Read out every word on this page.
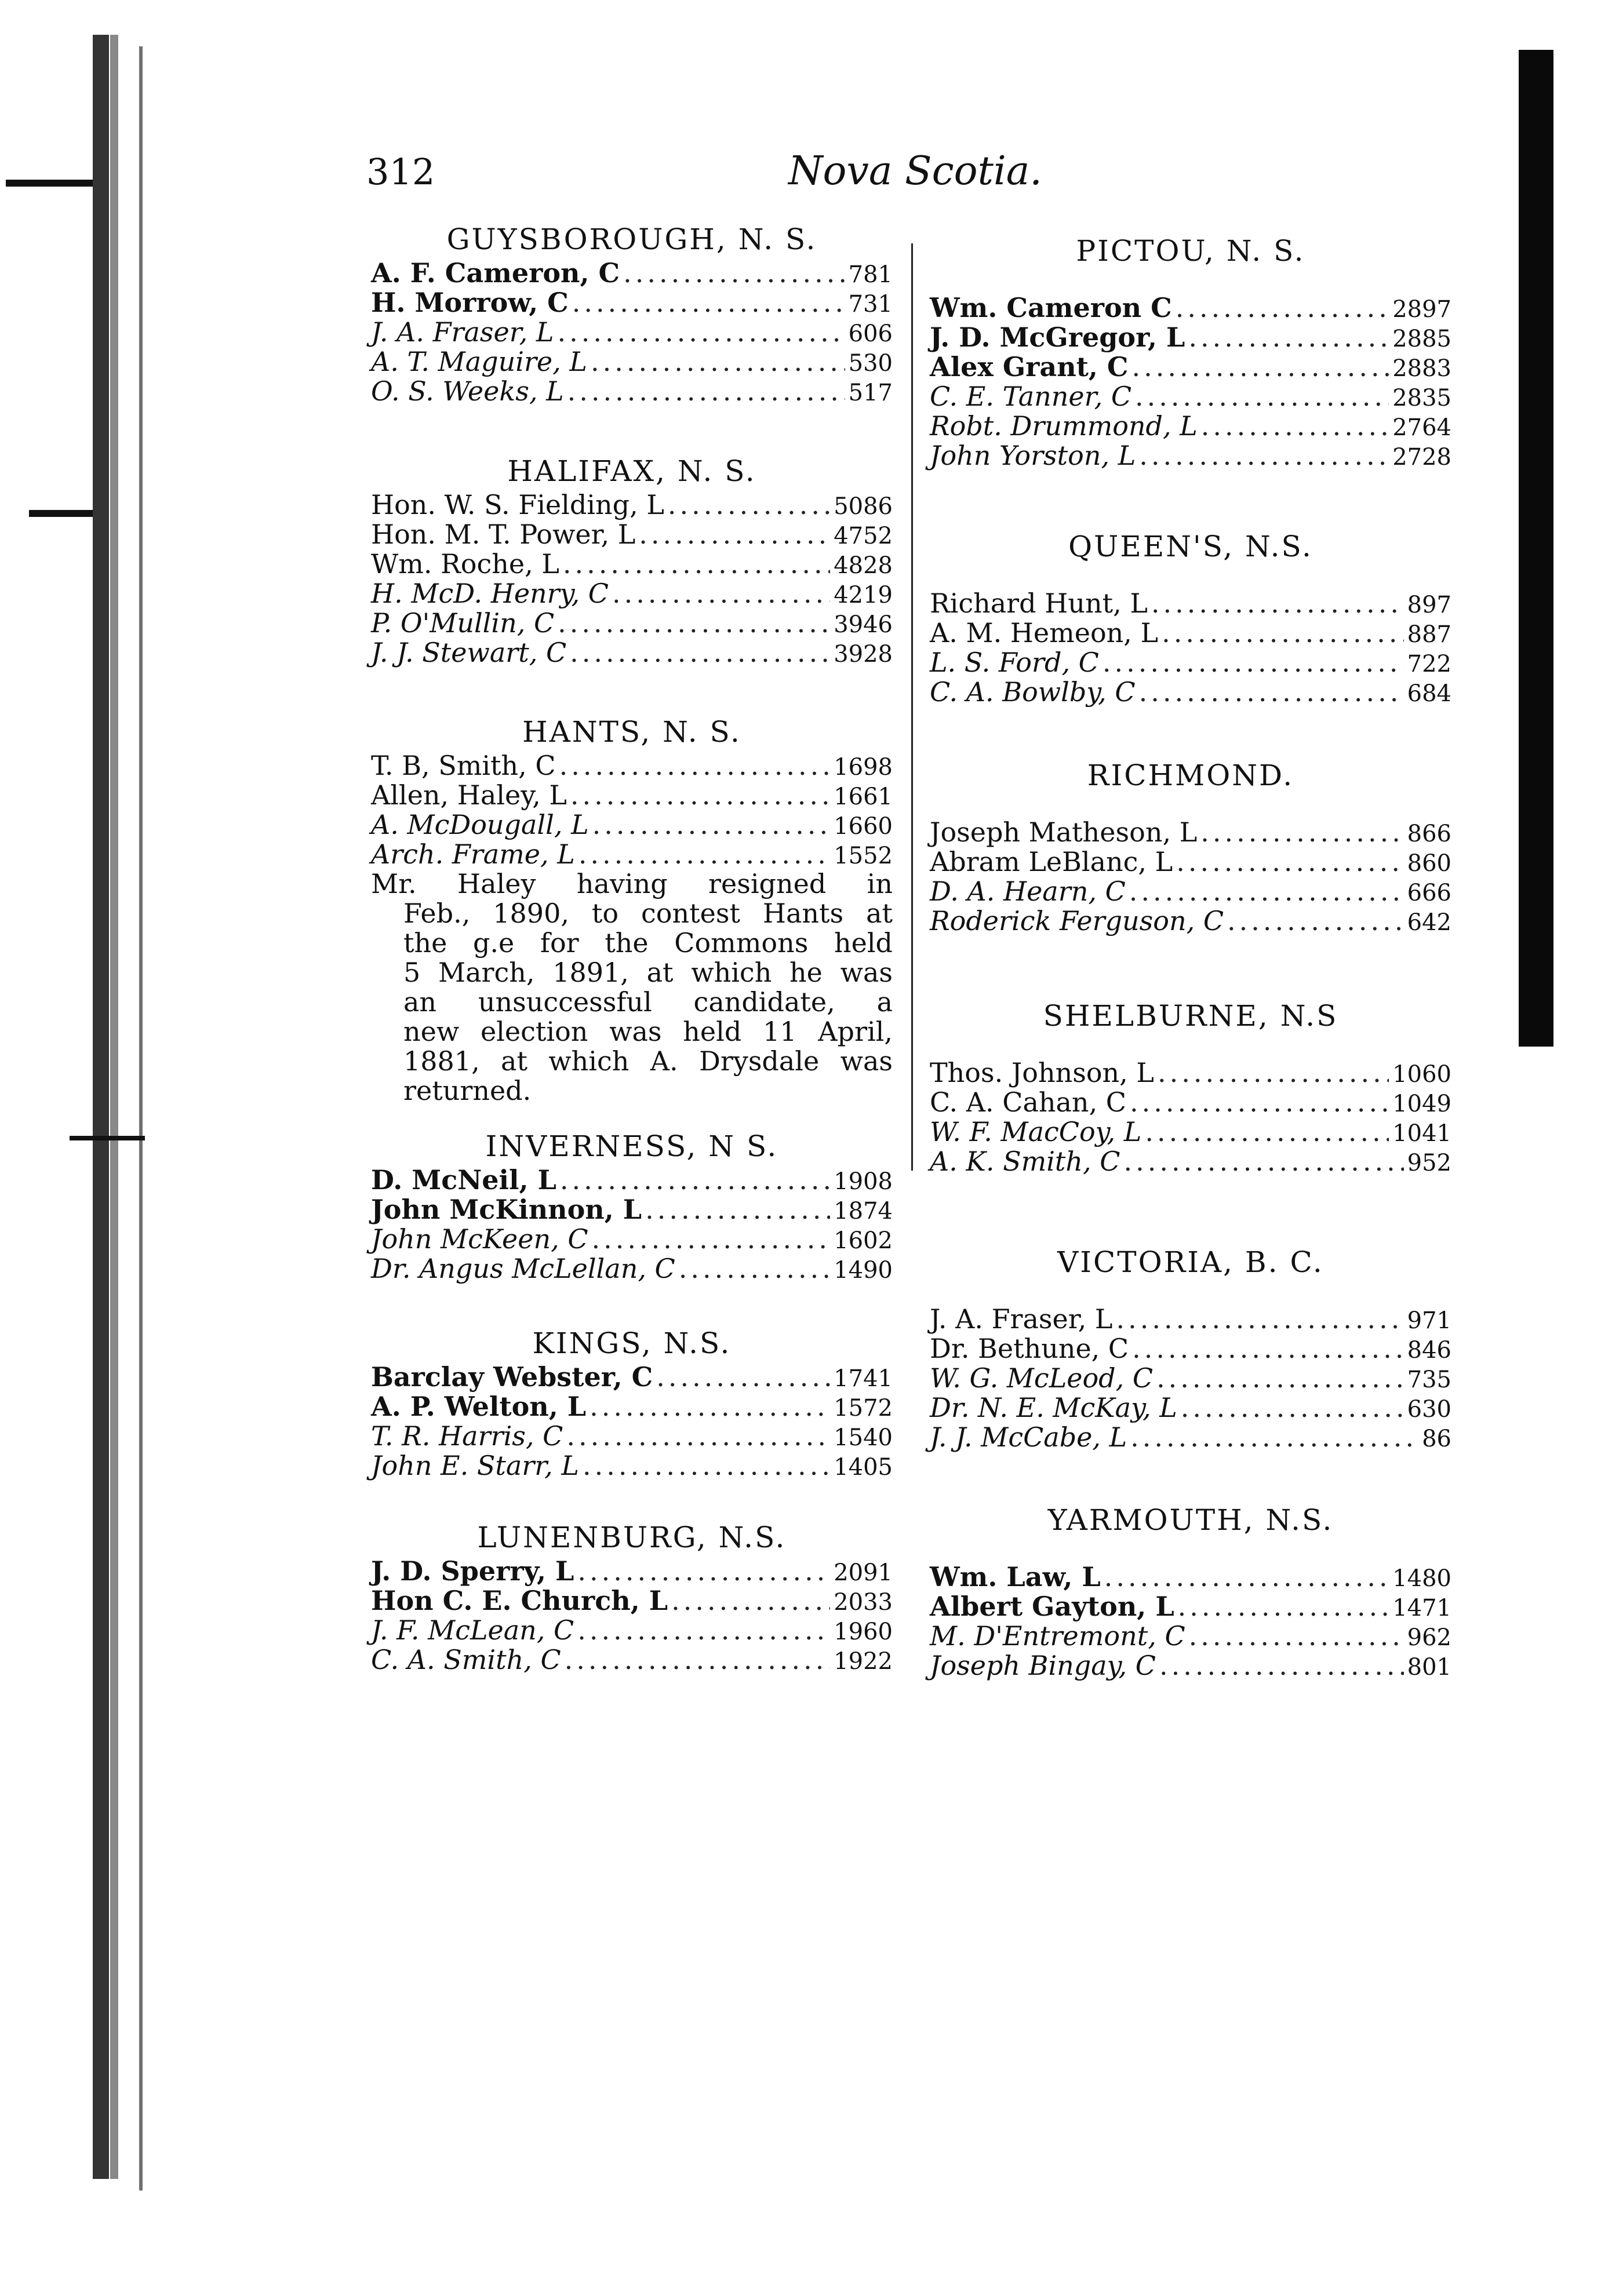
312	Nova Scotia.
GUYSBOROUGH, N. S.
A. F. Cameron, C .....	781
H. Morrow, C .....	731
J. A. Fraser, L .....	606
A. T. Maguire, L .....	530
O. S. Weeks, L .....	517
HALIFAX, N. S.
Hon. W. S. Fielding, L .....	5086
Hon. M. T. Power, L .....	4752
Wm. Roche, L .....	4828
H. McD. Henry, C .....	4219
P. O'Mullin, C .....	3946
J. J. Stewart, C .....	3928
HANTS, N. S.
T. B, Smith, C .....	1698
Allen, Haley, L .....	1661
A. McDougall, L .....	1660
Arch. Frame, L .....	1552
Mr. Haley having resigned in
Feb., 1890, to contest Hants at
the g.e for the Commons held
5 March, 1891, at which he was
an unsuccessful candidate, a
new election was held 11 April,
1881, at which A. Drysdale was
returned.
INVERNESS, N S.
D. McNeil, L .....	1908
John McKinnon, L .....	1874
John McKeen, C .....	1602
Dr. Angus McLellan, C .....	1490
KINGS, N.S.
Barclay Webster, C .....	1741
A. P. Welton, L .....	1572
T. R. Harris, C .....	1540
John E. Starr, L .....	1405
LUNENBURG, N.S.
J. D. Sperry, L .....	2091
Hon C. E. Church, L .....	2033
J. F. McLean, C .....	1960
C. A. Smith, C .....	1922
PICTOU, N. S.
Wm. Cameron C .....	2897
J. D. McGregor, L .....	2885
Alex Grant, C .....	2883
C. E. Tanner, C .....	2835
Robt. Drummond, L .....	2764
John Yorston, L .....	2728
QUEEN'S, N.S.
Richard Hunt, L .....	897
A. M. Hemeon, L .....	887
L. S. Ford, C .....	722
C. A. Bowlby, C .....	684
RICHMOND.
Joseph Matheson, L .....	866
Abram LeBlanc, L .....	860
D. A. Hearn, C .....	666
Roderick Ferguson, C .....	642
SHELBURNE, N.S
Thos. Johnson, L .....	1060
C. A. Cahan, C .....	1049
W. F. MacCoy, L .....	1041
A. K. Smith, C .....	952
VICTORIA, B. C.
J. A. Fraser, L .....	971
Dr. Bethune, C .....	846
W. G. McLeod, C .....	735
Dr. N. E. McKay, L .....	630
J. J. McCabe, L .....	86
YARMOUTH, N.S.
Wm. Law, L .....	1480
Albert Gayton, L .....	1471
M. D'Entremont, C .....	962
Joseph Bingay, C .....	801
